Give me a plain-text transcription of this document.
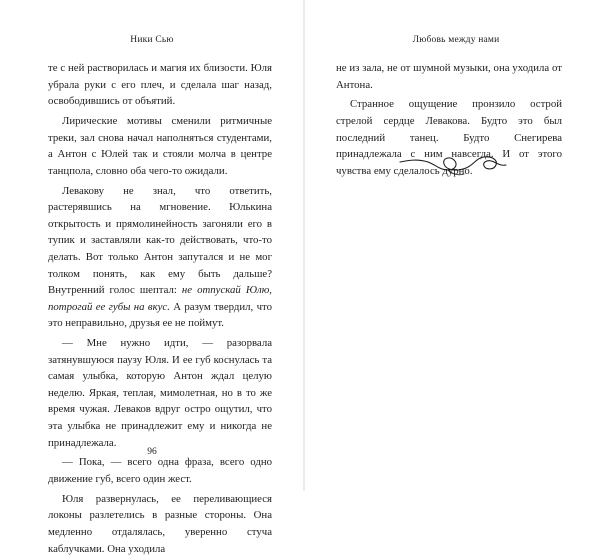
Ники Сью

те с ней растворилась и магия их близости. Юля убрала руки с его плеч, и сделала шаг назад, освободившись от объятий.

Лирические мотивы сменили ритмичные треки, зал снова начал наполняться студентами, а Антон с Юлей так и стояли молча в центре танцпола, словно оба чего-то ожидали.

Левакову не знал, что ответить, растерявшись на мгновение. Юлькина открытость и прямолинейность загоняли его в тупик и заставляли как-то действовать, что-то делать. Вот только Антон запутался и не мог толком понять, как ему быть дальше? Внутренний голос шептал: не отпускай Юлю, потрогай ее губы на вкус. А разум твердил, что это неправильно, друзья ее не поймут.

— Мне нужно идти, — разорвала затянувшуюся паузу Юля. И ее губ коснулась та самая улыбка, которую Антон ждал целую неделю. Яркая, теплая, мимолетная, но в то же время чужая. Леваков вдруг остро ощутил, что эта улыбка не принадлежит ему и никогда не принадлежала.

— Пока, — всего одна фраза, всего одно движение губ, всего один жест.

Юля развернулась, ее переливающиеся локоны разлетелись в разные стороны. Она медленно отдалялась, уверенно стуча каблучками. Она уходила

96
Любовь между нами

не из зала, не от шумной музыки, она уходила от Антона.

Странное ощущение пронзило острой стрелой сердце Левакова. Будто это был последний танец. Будто Снегирева принадлежала с ним навсегда. И от этого чувства ему сделалось дурно.
